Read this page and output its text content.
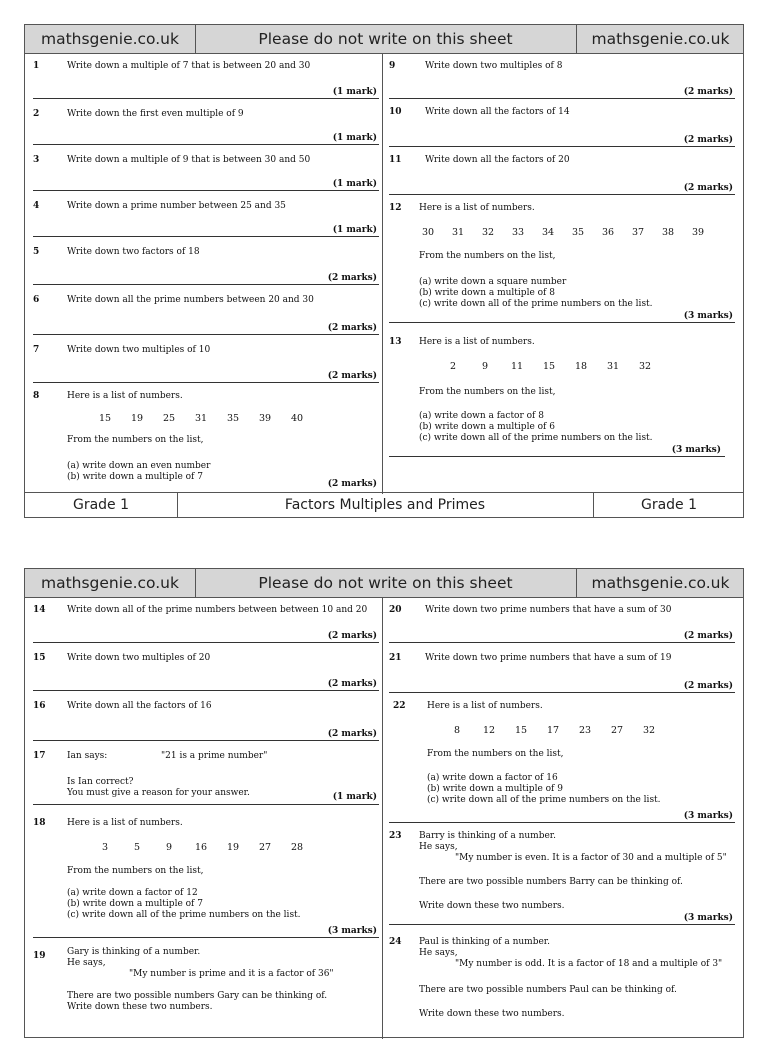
mathsgenie.co.uk	Please do not write on this sheet	mathsgenie.co.uk
1	Write down a multiple of 7 that is between 20 and 30
(1 mark)
2	Write down the first even multiple of 9
(1 mark)
3	Write down a multiple of 9 that is between 30 and 50
(1 mark)
4	Write down a prime number between 25 and 35
(1 mark)
5	Write down two factors of 18
(2 marks)
6	Write down all the prime numbers between 20 and 30
(2 marks)
7	Write down two multiples of 10
(2 marks)
8	Here is a list of numbers.
15 19 25 31 35 39 40
From the numbers on the list,
(a) write down an even number
(b) write down a multiple of 7
(2 marks)
9	Write down two multiples of 8
(2 marks)
10	Write down all the factors of 14
(2 marks)
11	Write down all the factors of 20
(2 marks)
12 Here is a list of numbers.
30 31 32 33 34 35 36 37 38 39
From the numbers on the list,
(a) write down a square number
(b) write down a multiple of 8
(c) write down all of the prime numbers on the list.
(3 marks)
13 Here is a list of numbers.
2	9 11 15 18 31 32
From the numbers on the list,
(a) write down a factor of 8
(b) write down a multiple of 6
(c) write down all of the prime numbers on the list.
(3 marks)
Grade 1	Factors Multiples and Primes	Grade 1
mathsgenie.co.uk	Please do not write on this sheet	mathsgenie.co.uk
14 Write down all of the prime numbers between between 10 and 20
(2 marks)
15 Write down two multiples of 20
(2 marks)
16 Write down all the factors of 16
(2 marks)
17 Ian says:	"21 is a prime number"
Is Ian correct?
You must give a reason for your answer.	(1 mark)
18 Here is a list of numbers.
3	5	9 16 19 27 28
From the numbers on the list,
(a) write down a factor of 12
(b) write down a multiple of 7
(c) write down all of the prime numbers on the list.
(3 marks)
19 Gary is thinking of a number.
He says,
"My number is prime and it is a factor of 36"
There are two possible numbers Gary can be thinking of.
Write down these two numbers.
20	Write down two prime numbers that have a sum of 30
(2 marks)
21	Write down two prime numbers that have a sum of 19
(2 marks)
22 Here is a list of numbers.
8 12 15 17 23 27 32
From the numbers on the list,
(a) write down a factor of 16
(b) write down a multiple of 9
(c) write down all of the prime numbers on the list.
(3 marks)
23 Barry is thinking of a number.
He says,
"My number is even. It is a factor of 30 and a multiple of 5"
There are two possible numbers Barry can be thinking of.
Write down these two numbers.
(3 marks)
24 Paul is thinking of a number.
He says,
"My number is odd. It is a factor of 18 and a multiple of 3"
There are two possible numbers Paul can be thinking of.
Write down these two numbers.
